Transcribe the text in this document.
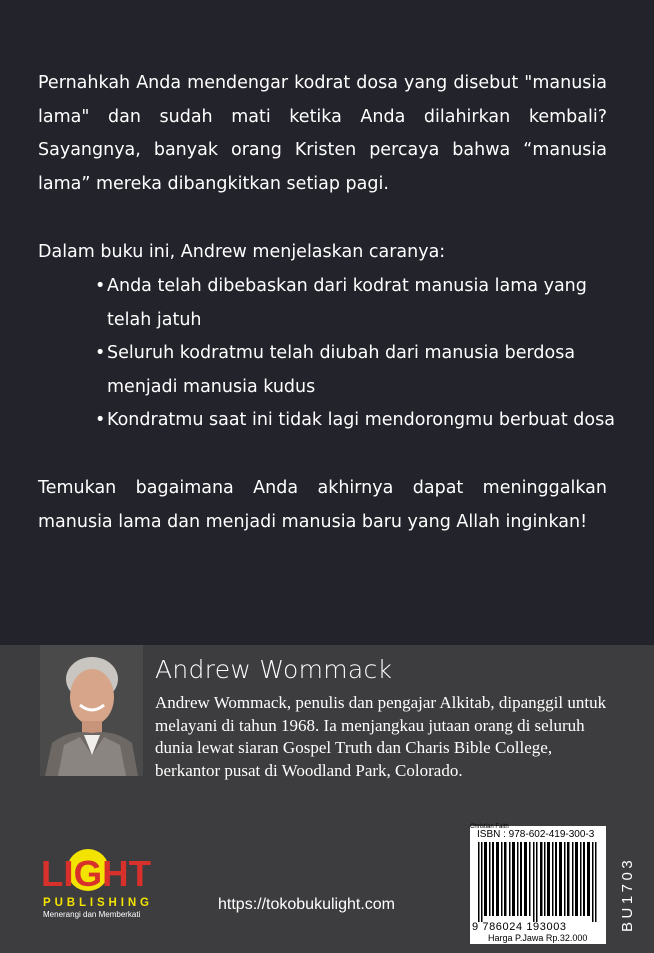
Pernahkah Anda mendengar kodrat dosa yang disebut "manusia lama" dan sudah mati ketika Anda dilahirkan kembali? Sayangnya, banyak orang Kristen percaya bahwa “manusia lama” mereka dibangkitkan setiap pagi.

Dalam buku ini, Andrew menjelaskan caranya:

• Anda telah dibebaskan dari kodrat manusia lama yang telah jatuh
• Seluruh kodratmu telah diubah dari manusia berdosa menjadi manusia kudus
• Kondratmu saat ini tidak lagi mendorongmu berbuat dosa

Temukan bagaimana Anda akhirnya dapat meninggalkan manusia lama dan menjadi manusia baru yang Allah inginkan!

Andrew Wommack

Andrew Wommack, penulis dan pengajar Alkitab, dipanggil untuk melayani di tahun 1968. Ia menjangkau jutaan orang di seluruh dunia lewat siaran Gospel Truth dan Charis Bible College, berkantor pusat di Woodland Park, Colorado.

LIGHT
PUBLISHING
Menerangi dan Memberkati
https://tokobukulight.com
Christian Faith
ISBN : 978-602-419-300-3
9 786024 193003
Harga P.Jawa Rp.32.000
BU1703
